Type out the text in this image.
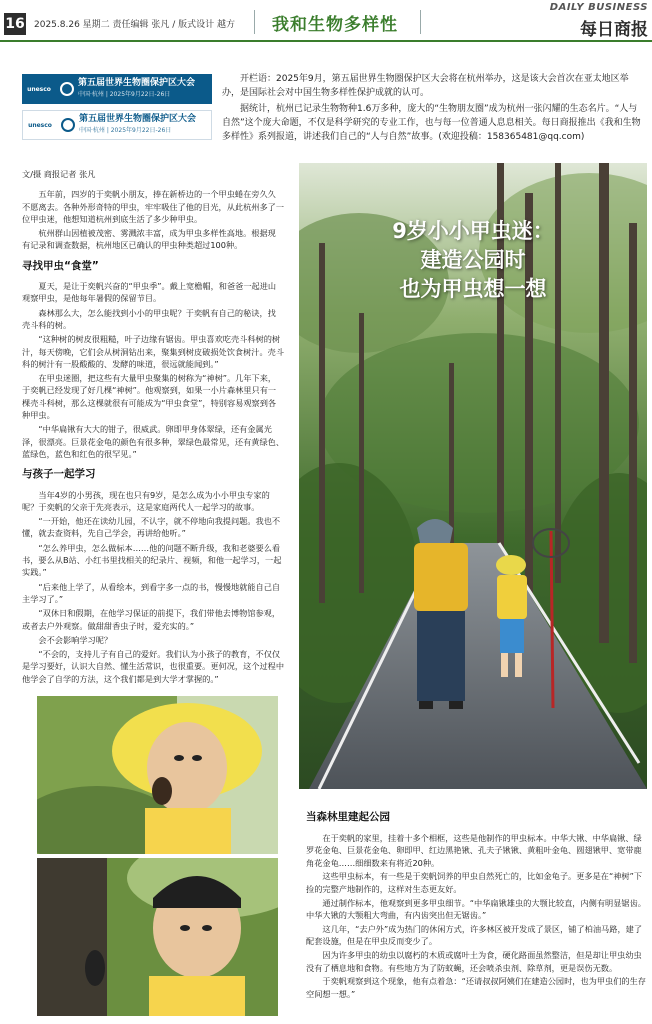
16 2025.8.26 星期二 责任编辑 张凡 / 版式设计 越方 我和生物多样性
DAILY BUSINESS
每日商报
unesco
第五届世界生物圈保护区大会
中国·杭州 | 2025年9月22日-26日
unesco
第五届世界生物圈保护区大会
中国·杭州 | 2025年9月22日-26日

开栏语：2025年9月，第五届世界生物圈保护区大会将在杭州举办，这是该大会首次在亚太地区举办，是国际社会对中国生物多样性保护成就的认可。

据统计，杭州已记录生物物种1.6万多种，庞大的“生物朋友圈”成为杭州一张闪耀的生态名片。“人与自然”这个庞大命题，不仅是科学研究的专业工作，也与每一位普通人息息相关。每日商报推出《我和生物多样性》系列报道，讲述我们自己的“人与自然”故事。(欢迎投稿：158365481@qq.com)

文/摄 商报记者 张凡

五年前，四岁的于奕帆小朋友，捧在新桥边的一个甲虫蜷在旁久久不愿离去。各种外形奇特的甲虫，牢牢吸住了他的目光，从此杭州多了一位甲虫迷，他想知道杭州到底生活了多少种甲虫。

杭州群山因植被茂密、雾溅浓丰富，成为甲虫多样性高地。根据现有记录和调查数据，杭州地区已确认的甲虫种类超过100种。

寻找甲虫“食堂”

夏天，是让于奕帆兴奋的“甲虫季”。戴上宽檐帽，和爸爸一起进山观察甲虫，是他每年暑假的保留节目。

森林那么大，怎么能找到小小的甲虫呢？于奕帆有自己的秘诀，找壳斗科的树。

“这种树的树皮很粗糙，叶子边缘有锯齿。甲虫喜欢吃壳斗科树的树汁，每天傍晚，它们会从树洞钻出来，聚集到树皮破损处饮食树汁。壳斗科的树汁有一股酸酸的、发酵的味道，很远就能闻到。”

在甲虫迷圈，把这些有大量甲虫聚集的树称为“神树”。几年下来，于奕帆已经发现了好几棵“神树”。他观察到，如果一小片森林里只有一棵壳斗科树，那么这棵就很有可能成为“甲虫食堂”，特别容易观察到各种甲虫。

“中华扁锹有大大的钳子，很威武。卵即甲身体翠绿，还有金属光泽，很漂亮。巨景花金龟的颜色有很多种，翠绿色最常见，还有黄绿色、蓝绿色，蓝色和红色的很罕见。”

与孩子一起学习

当年4岁的小男孩，现在也只有9岁，是怎么成为小小甲虫专家的呢？于奕帆的父亲于先亮表示，这是家庭两代人一起学习的故事。

“一开始，他还在读幼儿园，不认字，就不停地向我提问题。我也不懂，就去查资料，先自己学会，再讲给他听。”

“怎么养甲虫，怎么做标本……他的问题不断升级，我和老婆要么看书，要么从B站、小红书里找相关的纪录片、视频，和他一起学习，一起实践。”

“后来他上学了，从看绘本，到看字多一点的书，慢慢地就能自己自主学习了。”

“双休日和假期，在他学习保证的前提下，我们带他去博物馆参观，或者去户外观察。做甜甜香虫子时，爱充实的。”

会不会影响学习呢？

“不会的，支持儿子有自己的爱好。我们认为小孩子的教育，不仅仅是学习要好，认识大自然、懂生活常识，也很重要。更何况，这个过程中他学会了自学的方法，这个我们都是到大学才掌握的。”

9岁小小甲虫迷：
建造公园时
也为甲虫想一想
当森林里建起公园

在于奕帆的家里，挂着十多个相框，这些是他制作的甲虫标本。中华大锹、中华扁锹、绿罗花金龟、巨景花金龟、卵即甲、红边黑艳锹、孔夫子锹锹、黄粗叶金龟、圆翅锹甲、宽带鹿角花金龟……细细数来有将近20种。

这些甲虫标本，有一些是于奕帆饲养的甲虫自然死亡的，比如金龟子。更多是在“神树”下捡的完整产地制作的，这样对生态更友好。

通过制作标本，他观察到更多甲虫细节。“中华扁锹雄虫的大颚比较直，内侧有明显锯齿。中华大锹的大颚粗大弯曲，有内齿突出但无锯齿。”

这几年，“去户外”成为热门的休闲方式，许多林区被开发成了景区，铺了柏油马路，建了配套设施，但是在甲虫反而变少了。

因为许多甲虫的幼虫以腐朽的木质或腐叶土为食，硬化路面虽然整洁，但是却让甲虫幼虫没有了栖息地和食物。有些地方为了防蚊蝇，还会喷杀虫剂、除草剂，更是误伤无数。

于奕帆观察到这个现象，他有点着急：“还请叔叔阿姨们在建造公园时，也为甲虫们的生存空间想一想。”
